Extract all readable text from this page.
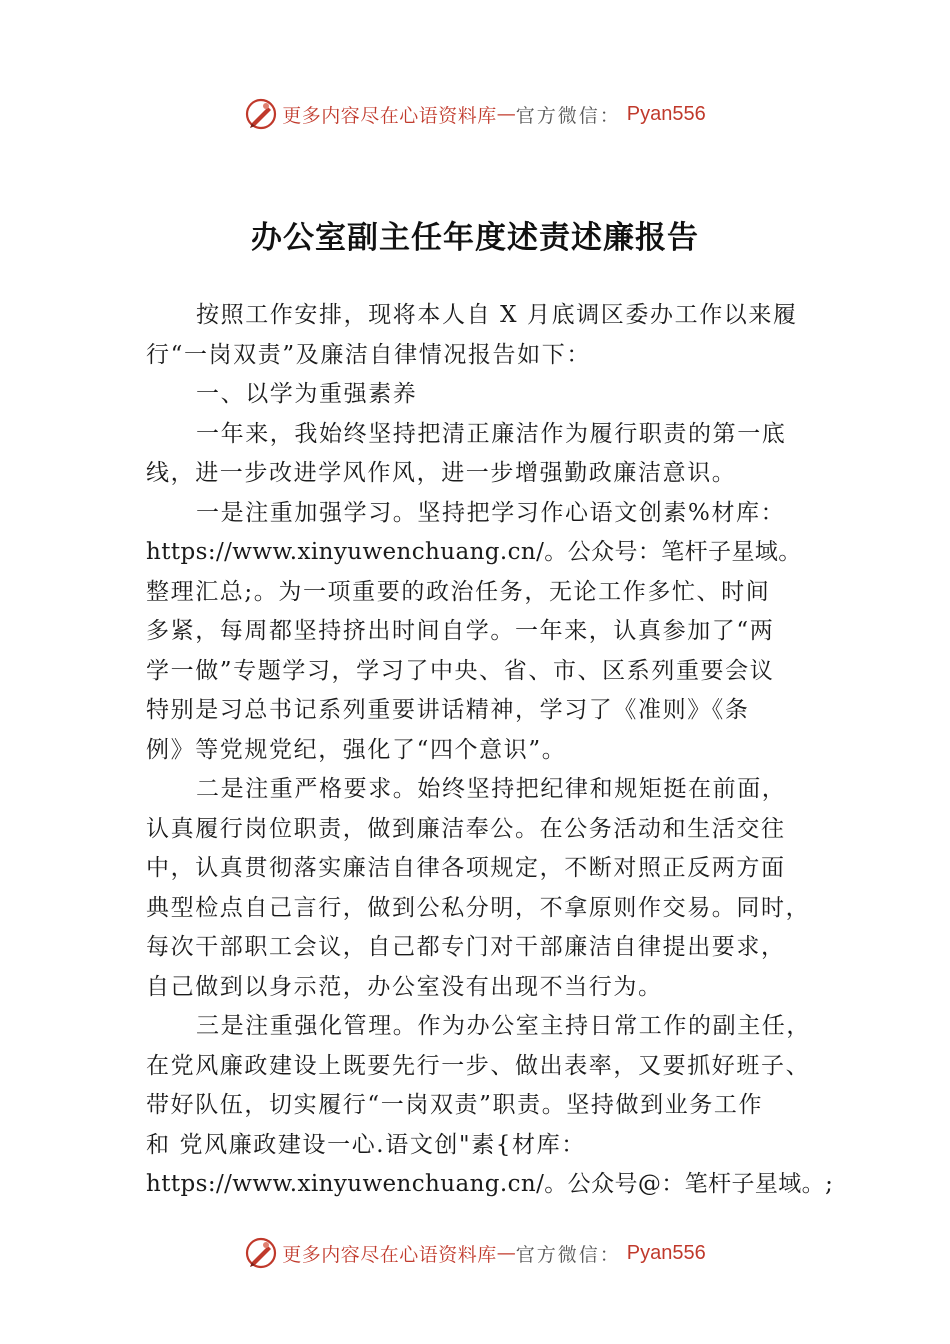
更多内容尽在心语资料库 — 官方微信： Pyan556
办公室副主任年度述责述廉报告
按照工作安排，现将本人自 X 月底调区委办工作以来履
行“一岗双责”及廉洁自律情况报告如下：
一、以学为重强素养
一年来，我始终坚持把清正廉洁作为履行职责的第一底
线，进一步改进学风作风，进一步增强勤政廉洁意识。
一是注重加强学习。坚持把学习作心语文创素%材库：
https://www.xinyuwenchuang.cn/。公众号：笔杆子星域。
整理汇总;。为一项重要的政治任务，无论工作多忙、时间
多紧，每周都坚持挤出时间自学。一年来，认真参加了“两
学一做”专题学习，学习了中央、省、市、区系列重要会议
特别是习总书记系列重要讲话精神，学习了《准则》《条
例》等党规党纪，强化了“四个意识”。
二是注重严格要求。始终坚持把纪律和规矩挺在前面，
认真履行岗位职责，做到廉洁奉公。在公务活动和生活交往
中，认真贯彻落实廉洁自律各项规定，不断对照正反两方面
典型检点自己言行，做到公私分明，不拿原则作交易。同时，
每次干部职工会议，自己都专门对干部廉洁自律提出要求，
自己做到以身示范，办公室没有出现不当行为。
三是注重强化管理。作为办公室主持日常工作的副主任，
在党风廉政建设上既要先行一步、做出表率，又要抓好班子、
带好队伍，切实履行“一岗双责”职责。坚持做到业务工作
和 党风廉政建设一心.语文创"素{材库：
https://www.xinyuwenchuang.cn/。公众号@：笔杆子星域。;
更多内容尽在心语资料库 — 官方微信： Pyan556
